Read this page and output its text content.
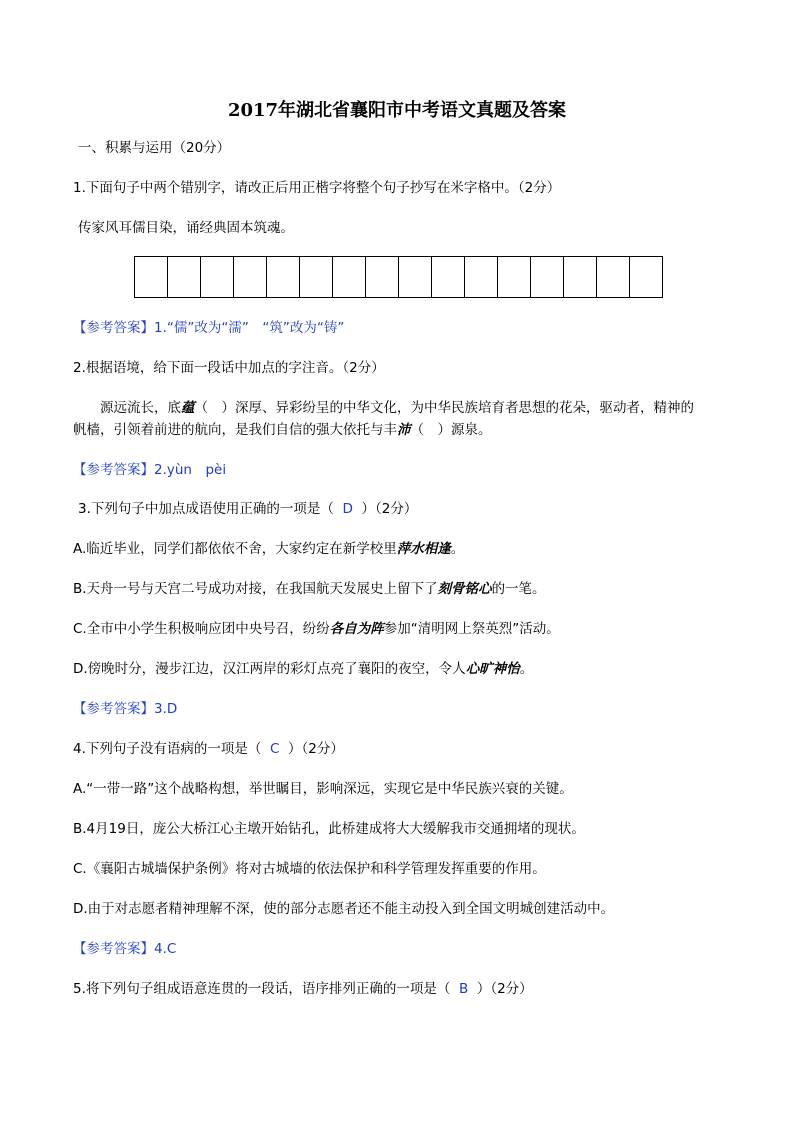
2017年湖北省襄阳市中考语文真题及答案
一、积累与运用（20分）
1.下面句子中两个错别字，请改正后用正楷字将整个句子抄写在米字格中。（2分）
传家风耳儒目染，诵经典固本筑魂。
【参考答案】1.“儒”改为“濡”　“筑”改为“铸”
2.根据语境，给下面一段话中加点的字注音。（2分）
源远流长，底蕴（　）深厚、异彩纷呈的中华文化，为中华民族培育者思想的花朵，驱动者，精神的
帆樯，引领着前进的航向，是我们自信的强大依托与丰沛（　）源泉。
【参考答案】2.yùn　pèi
3.下列句子中加点成语使用正确的一项是（ D ）（2分）
A.临近毕业，同学们都依依不舍，大家约定在新学校里萍水相逢。
B.天舟一号与天宫二号成功对接，在我国航天发展史上留下了刻骨铭心的一笔。
C.全市中小学生积极响应团中央号召，纷纷各自为阵参加“清明网上祭英烈”活动。
D.傍晚时分，漫步江边，汉江两岸的彩灯点亮了襄阳的夜空，令人心旷神怡。
【参考答案】3.D
4.下列句子没有语病的一项是（ C ）（2分）
A.“一带一路”这个战略构想，举世瞩目，影响深远，实现它是中华民族兴衰的关键。
B.4月19日，庞公大桥江心主墩开始钻孔，此桥建成将大大缓解我市交通拥堵的现状。
C.《襄阳古城墙保护条例》将对古城墙的依法保护和科学管理发挥重要的作用。
D.由于对志愿者精神理解不深，使的部分志愿者还不能主动投入到全国文明城创建活动中。
【参考答案】4.C
5.将下列句子组成语意连贯的一段话，语序排列正确的一项是（ B ）（2分）
